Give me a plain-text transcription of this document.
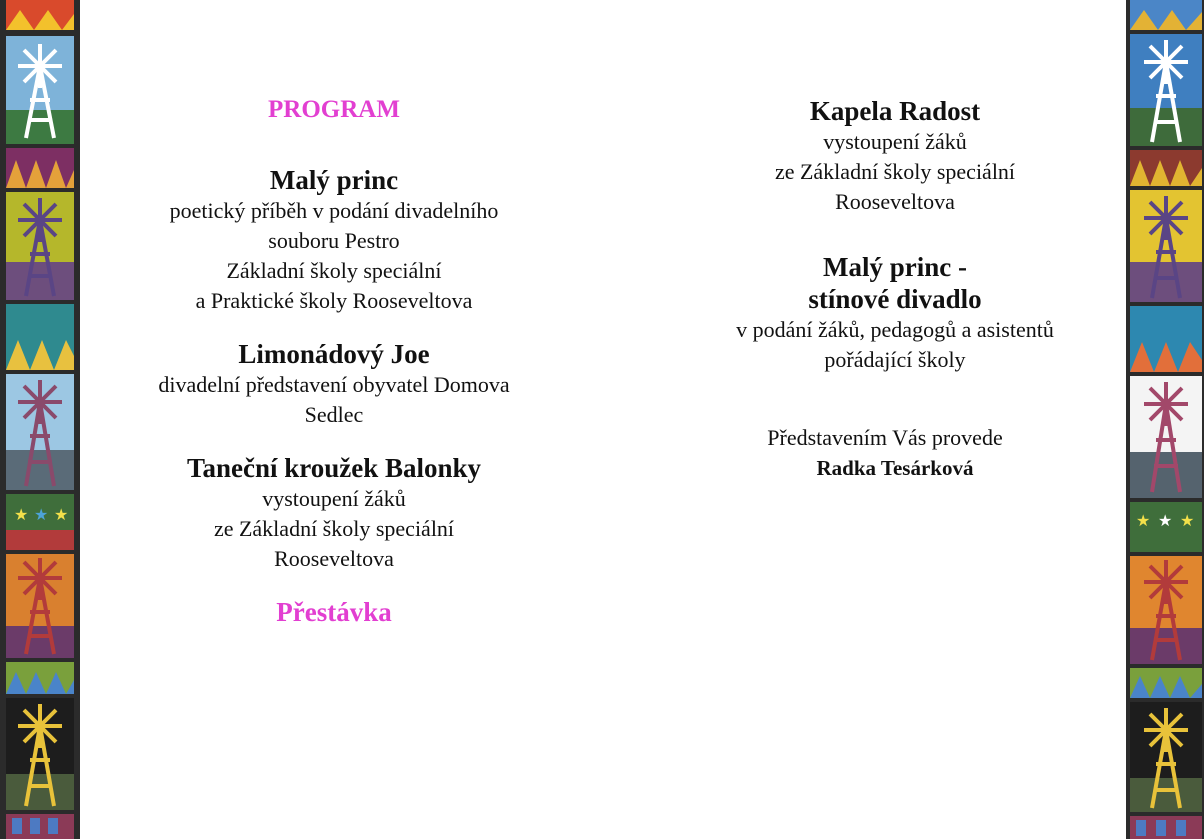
★ ★ ★	★ ★ ★
PROGRAM
Malý princ
poetický příběh v podání divadelního
souboru Pestro
Základní školy speciální
a Praktické školy Rooseveltova
Limonádový Joe
divadelní představení obyvatel Domova
Sedlec
Taneční kroužek Balonky
vystoupení žáků
ze Základní školy speciální
Rooseveltova
Přestávka
Kapela Radost
vystoupení žáků
ze Základní školy speciální
Rooseveltova
Malý princ -
stínové divadlo
v podání žáků, pedagogů a asistentů
pořádající školy
Představením Vás provede
Radka Tesárková
